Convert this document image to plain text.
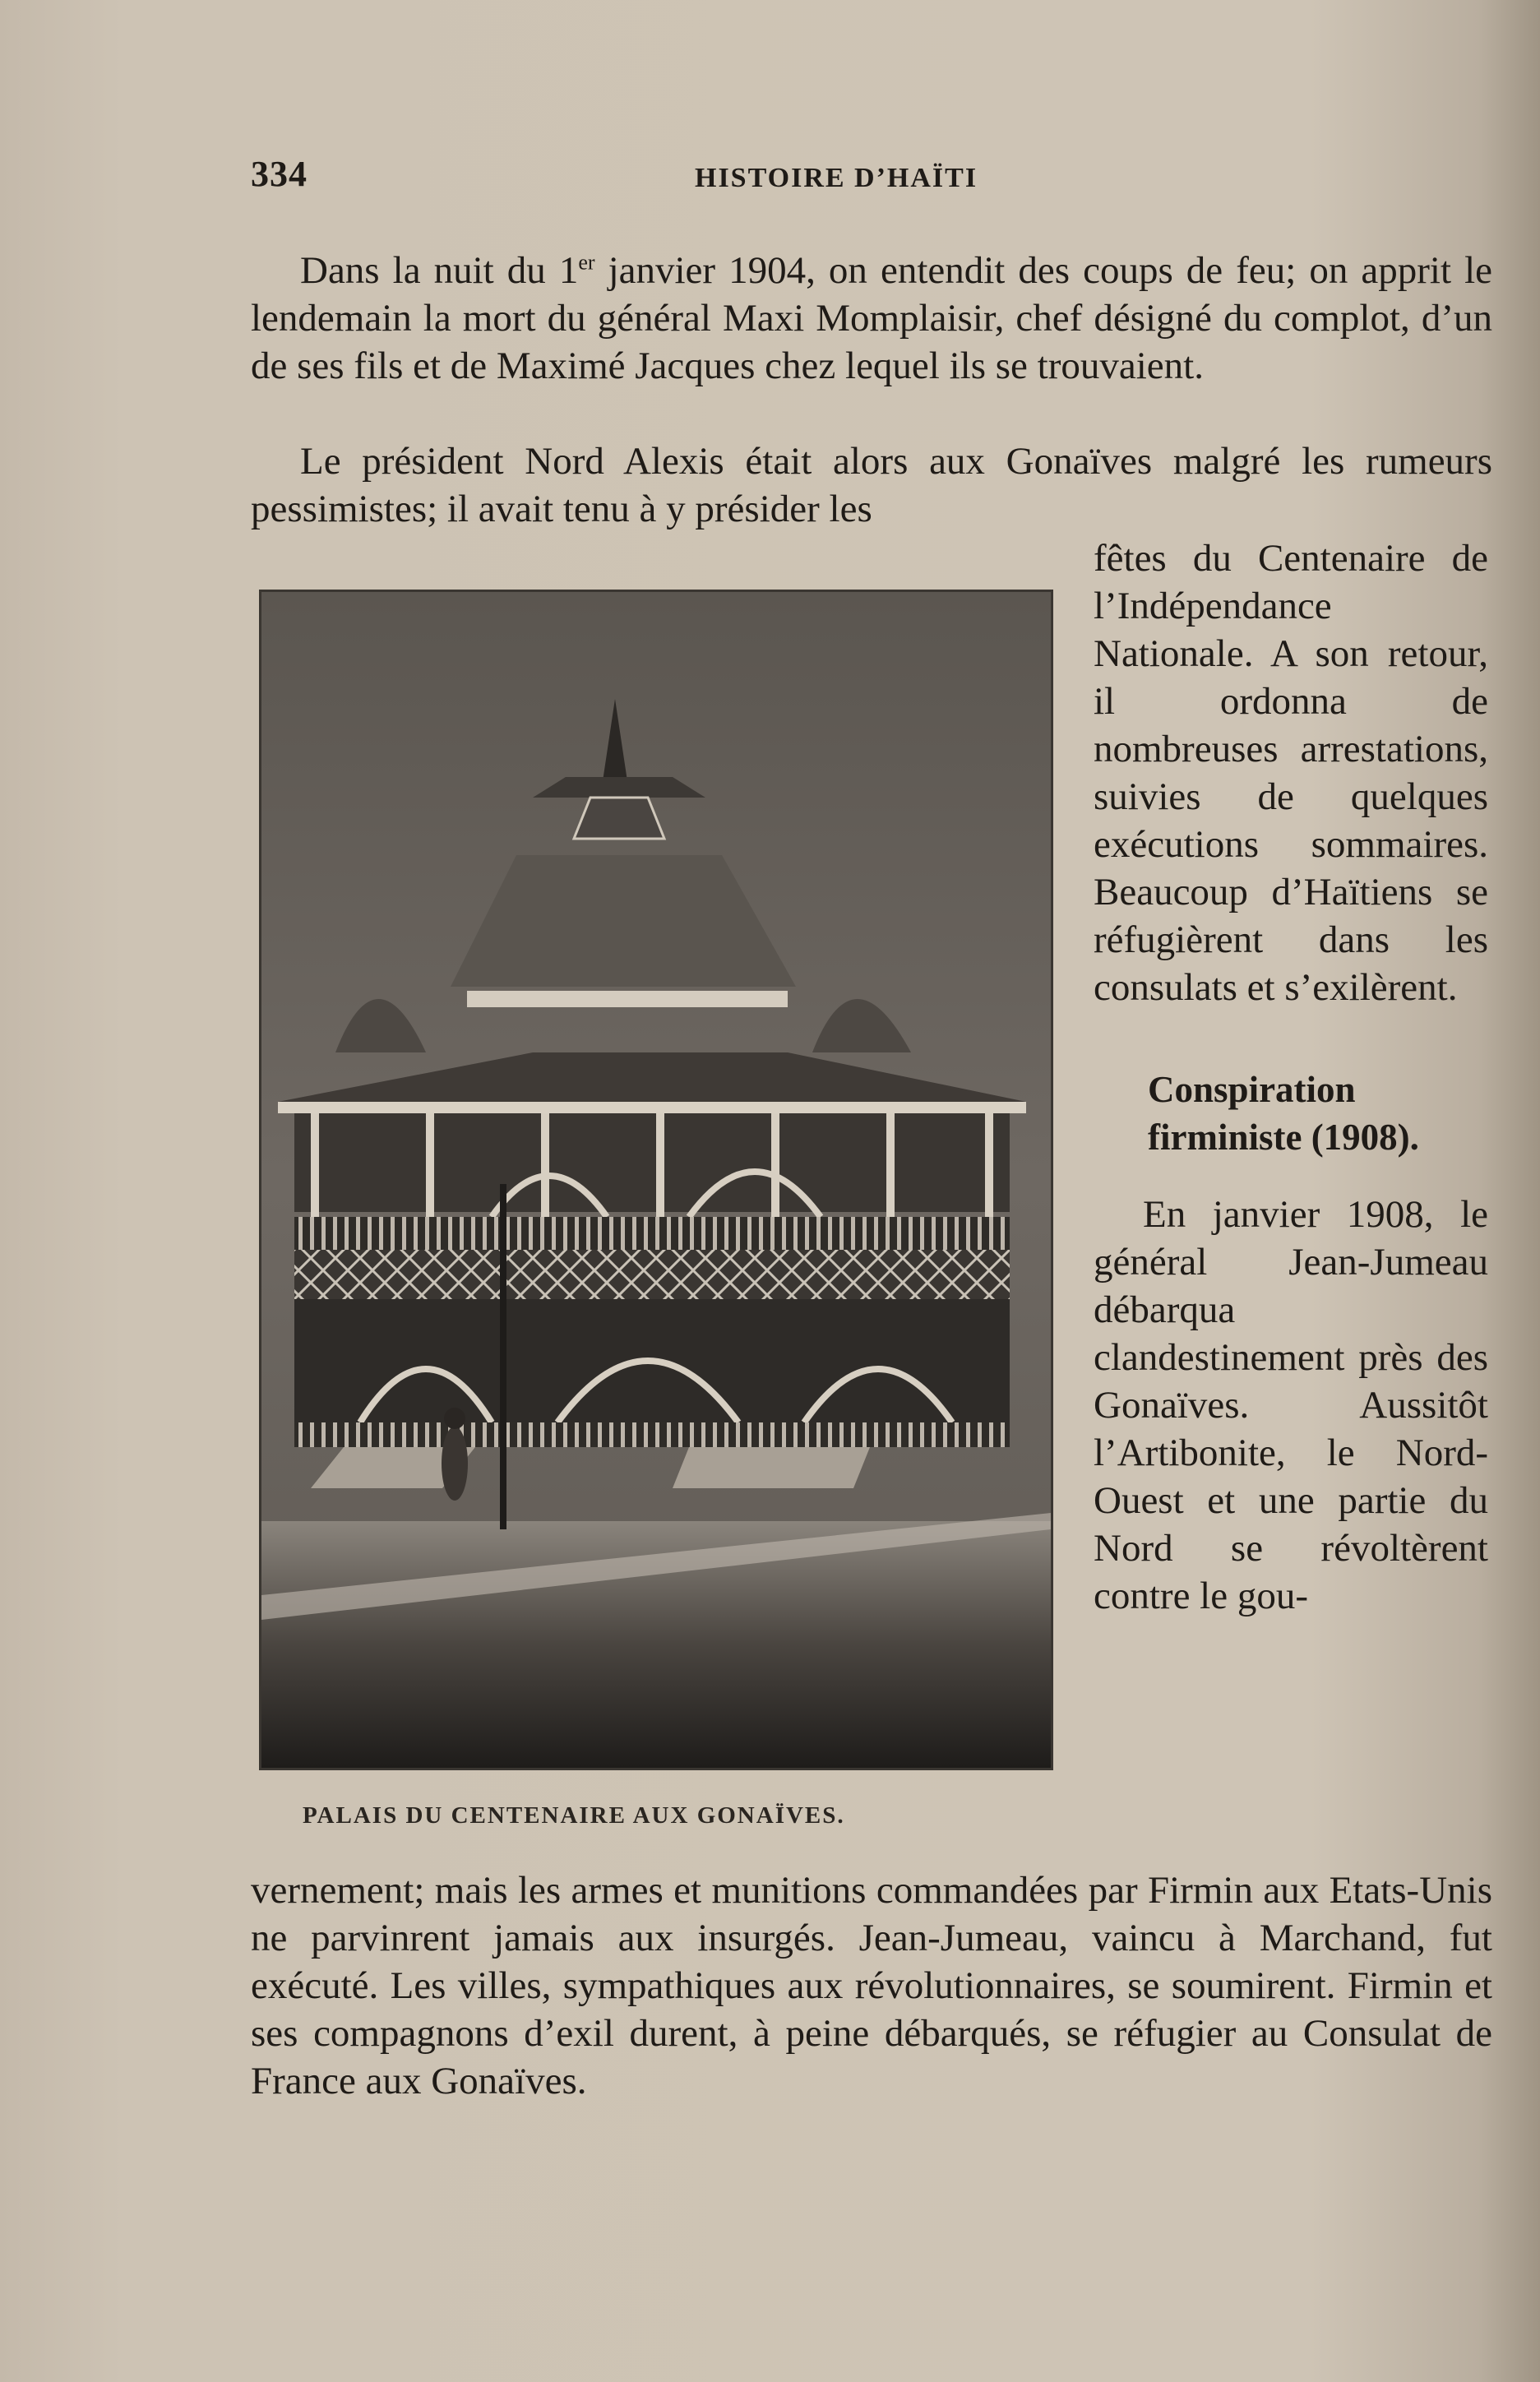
334	HISTOIRE D’HAÏTI

Dans la nuit du 1er janvier 1904, on entendit des coups de feu; on apprit le lendemain la mort du général Maxi Momplaisir, chef désigné du complot, d’un de ses fils et de Maximé Jacques chez lequel ils se trouvaient.

Le président Nord Alexis était alors aux Gonaïves malgré les rumeurs pessimistes; il avait tenu à y présider les

PALAIS DU CENTENAIRE AUX GONAÏVES.

fêtes du Centenaire de l’Indépendance Nationale. A son retour, il ordonna de nombreuses arrestations, suivies de quelques exécutions sommaires. Beaucoup d’Haïtiens se réfugièrent dans les consulats et s’exilèrent.

Conspiration firministe (1908).

En janvier 1908, le général Jean-Jumeau débarqua clandestinement près des Gonaïves. Aussitôt l’Artibonite, le Nord-Ouest et une partie du Nord se révoltèrent contre le gou-

vernement; mais les armes et munitions commandées par Firmin aux Etats-Unis ne parvinrent jamais aux insurgés. Jean-Jumeau, vaincu à Marchand, fut exécuté. Les villes, sympathiques aux révolutionnaires, se soumirent. Firmin et ses compagnons d’exil durent, à peine débarqués, se réfugier au Consulat de France aux Gonaïves.
